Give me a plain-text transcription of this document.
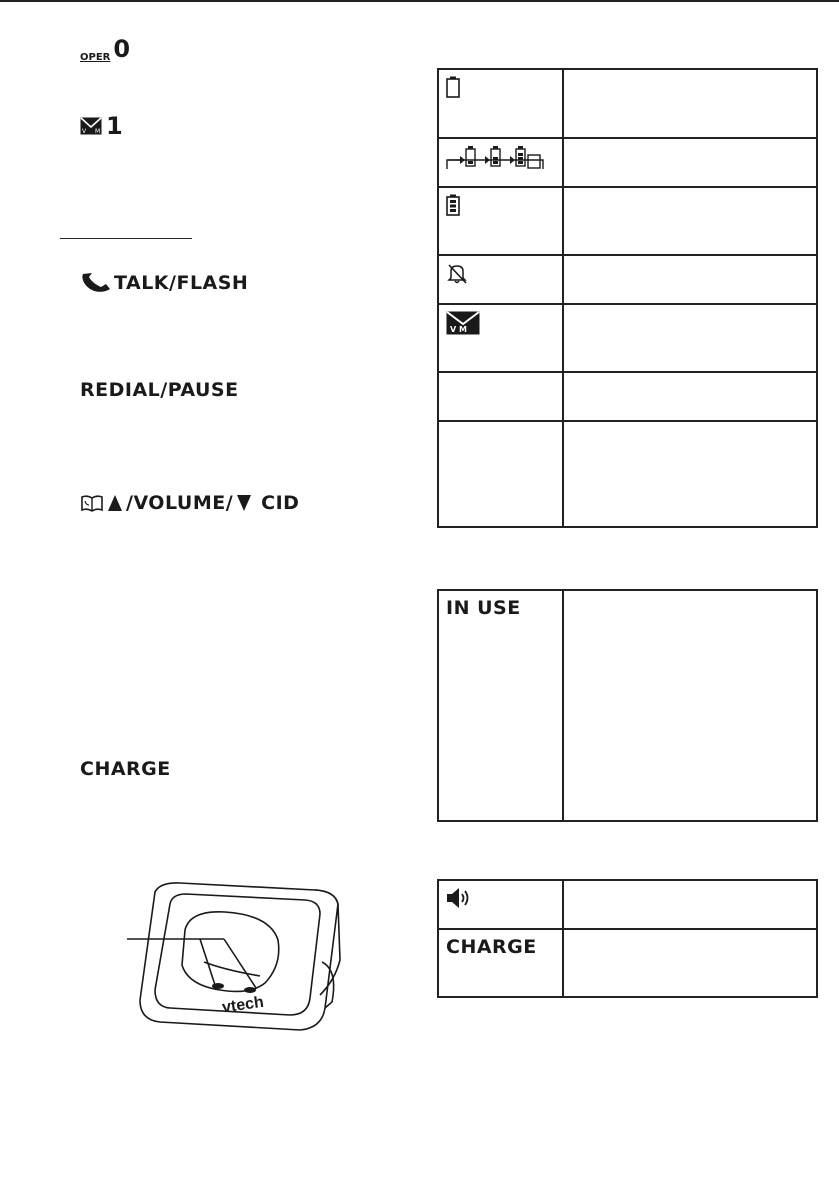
OPER 0
V M 1
TALK/FLASH
REDIAL/PAUSE
/VOLUME/ CID
CHARGE
vtech

V M	

IN USE	

CHARGE	
